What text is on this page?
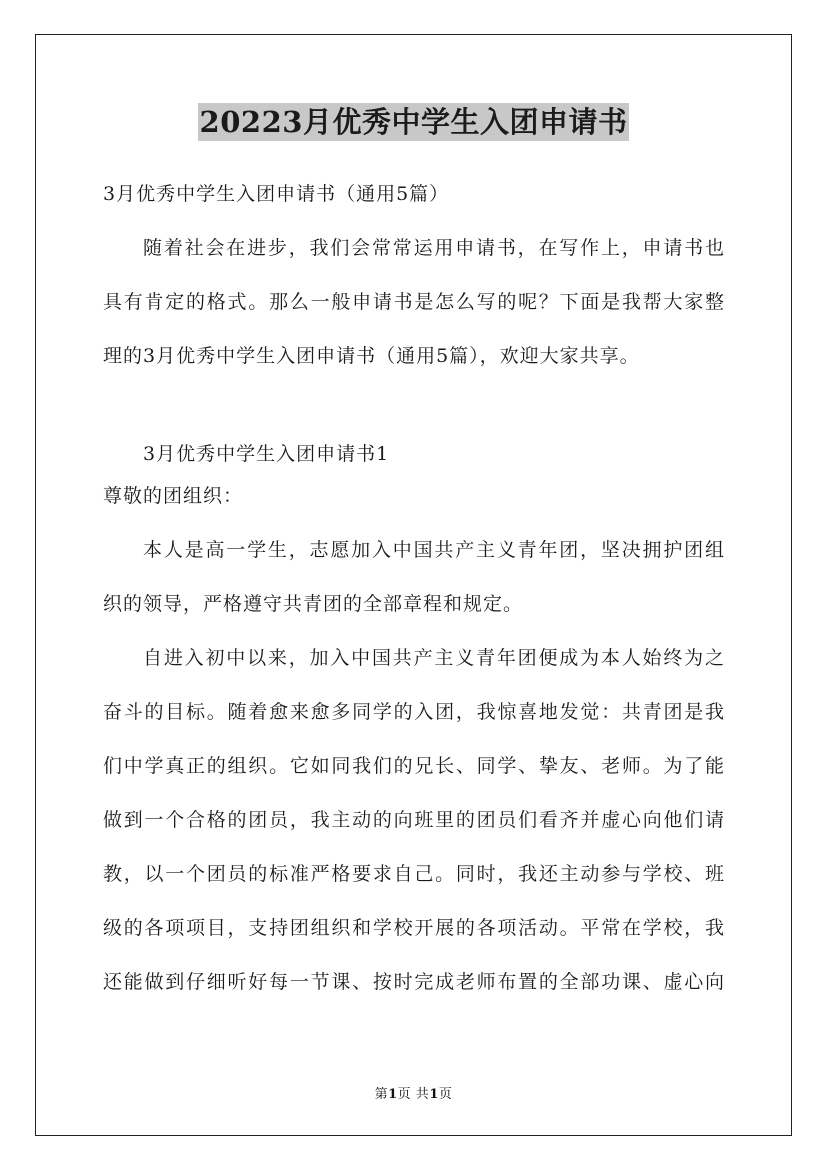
20223月优秀中学生入团申请书
3月优秀中学生入团申请书（通用5篇）
随着社会在进步，我们会常常运用申请书，在写作上，申请书也
具有肯定的格式。那么一般申请书是怎么写的呢？下面是我帮大家整
理的3月优秀中学生入团申请书（通用5篇），欢迎大家共享。
3月优秀中学生入团申请书1
尊敬的团组织：
本人是高一学生，志愿加入中国共产主义青年团，坚决拥护团组
织的领导，严格遵守共青团的全部章程和规定。
自进入初中以来，加入中国共产主义青年团便成为本人始终为之
奋斗的目标。随着愈来愈多同学的入团，我惊喜地发觉：共青团是我
们中学真正的组织。它如同我们的兄长、同学、挚友、老师。为了能
做到一个合格的团员，我主动的向班里的团员们看齐并虚心向他们请
教，以一个团员的标准严格要求自己。同时，我还主动参与学校、班
级的各项项目，支持团组织和学校开展的各项活动。平常在学校，我
还能做到仔细听好每一节课、按时完成老师布置的全部功课、虚心向
第1页 共1页
